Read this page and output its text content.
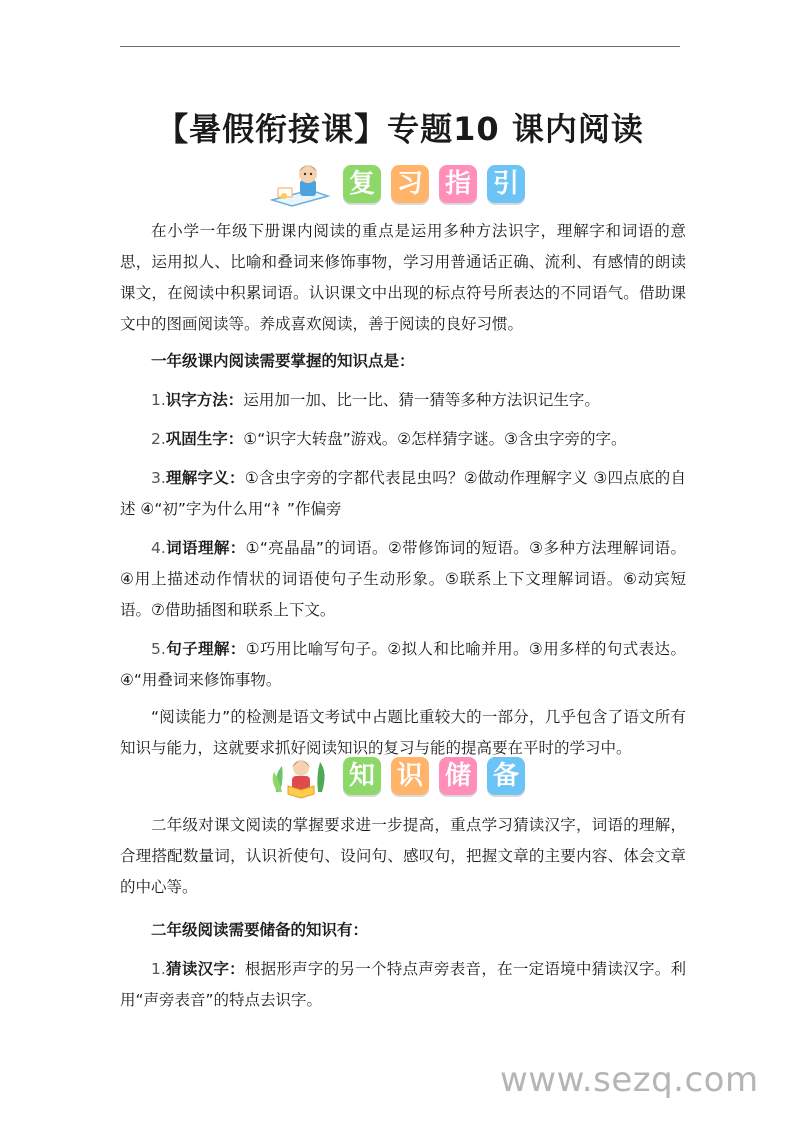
【暑假衔接课】专题10 课内阅读
复 习 指 引

在小学一年级下册课内阅读的重点是运用多种方法识字，理解字和词语的意思，运用拟人、比喻和叠词来修饰事物，学习用普通话正确、流利、有感情的朗读课文，在阅读中积累词语。认识课文中出现的标点符号所表达的不同语气。借助课文中的图画阅读等。养成喜欢阅读，善于阅读的良好习惯。

一年级课内阅读需要掌握的知识点是：

1.识字方法：运用加一加、比一比、猜一猜等多种方法识记生字。

2.巩固生字：①“识字大转盘”游戏。②怎样猜字谜。③含虫字旁的字。

3.理解字义：①含虫字旁的字都代表昆虫吗？②做动作理解字义 ③四点底的自述 ④“初”字为什么用“衤”作偏旁

4.词语理解：①“亮晶晶”的词语。②带修饰词的短语。③多种方法理解词语。④用上描述动作情状的词语使句子生动形象。⑤联系上下文理解词语。⑥动宾短语。⑦借助插图和联系上下文。

5.句子理解：①巧用比喻写句子。②拟人和比喻并用。③用多样的句式表达。④“用叠词来修饰事物。

“阅读能力”的检测是语文考试中占题比重较大的一部分，几乎包含了语文所有知识与能力，这就要求抓好阅读知识的复习与能的提高要在平时的学习中。

知 识 储 备

二年级对课文阅读的掌握要求进一步提高，重点学习猜读汉字，词语的理解，合理搭配数量词，认识祈使句、设问句、感叹句，把握文章的主要内容、体会文章的中心等。

二年级阅读需要储备的知识有：

1.猜读汉字：根据形声字的另一个特点声旁表音，在一定语境中猜读汉字。利用“声旁表音”的特点去识字。

www.sezq.com
